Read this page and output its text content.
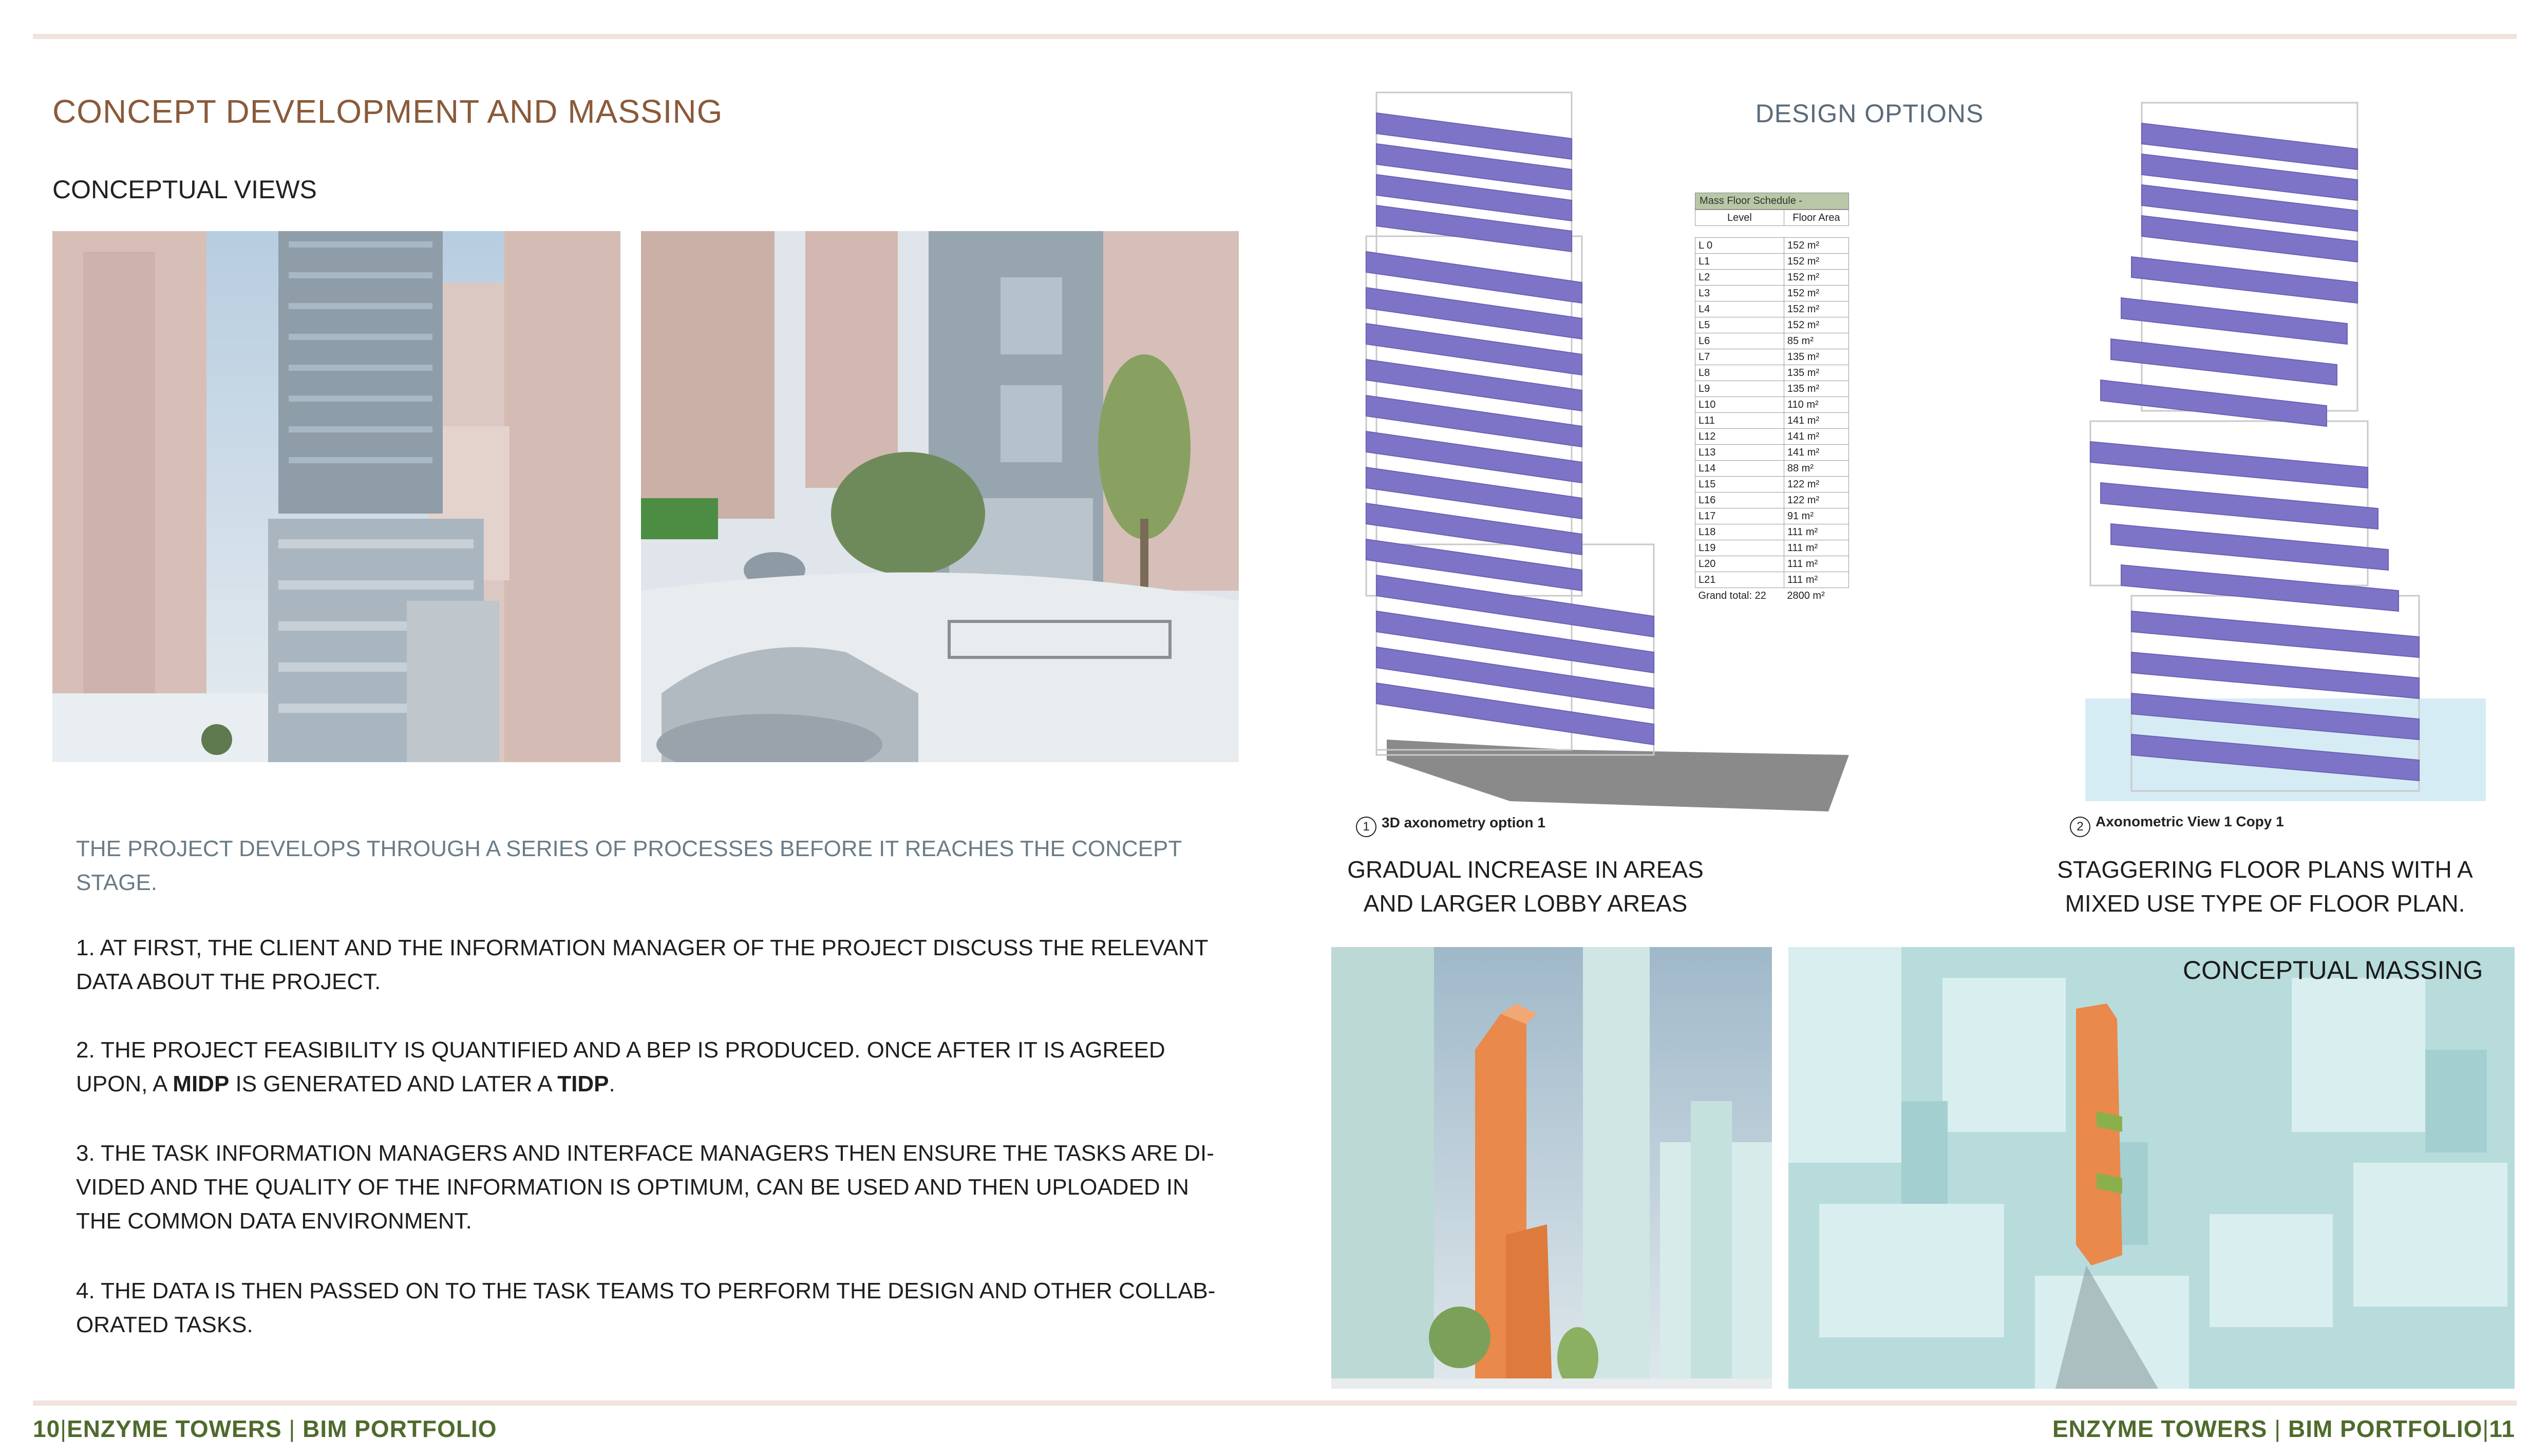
CONCEPT DEVELOPMENT AND MASSING
CONCEPTUAL VIEWS
THE PROJECT DEVELOPS THROUGH A SERIES OF PROCESSES BEFORE IT REACHES THE CONCEPT STAGE.
1. AT FIRST, THE CLIENT AND THE INFORMATION MANAGER OF THE PROJECT DISCUSS THE RELEVANT DATA ABOUT THE PROJECT.
2. THE PROJECT FEASIBILITY IS QUANTIFIED AND A BEP IS PRODUCED. ONCE AFTER IT IS AGREED UPON, A MIDP IS GENERATED AND LATER A TIDP.
3. THE TASK INFORMATION MANAGERS AND INTERFACE MANAGERS THEN ENSURE THE TASKS ARE DI-VIDED AND THE QUALITY OF THE INFORMATION IS OPTIMUM, CAN BE USED AND THEN UPLOADED IN THE COMMON DATA ENVIRONMENT.
4. THE DATA IS THEN PASSED ON TO THE TASK TEAMS TO PERFORM THE DESIGN AND OTHER COLLAB-ORATED TASKS.
DESIGN OPTIONS
1 3D axonometry option 1
Mass Floor Schedule -
Level	Floor Area

L 0	152 m²
L1	152 m²
L2	152 m²
L3	152 m²
L4	152 m²
L5	152 m²
L6	85 m²
L7	135 m²
L8	135 m²
L9	135 m²
L10	110 m²
L11	141 m²
L12	141 m²
L13	141 m²
L14	88 m²
L15	122 m²
L16	122 m²
L17	91 m²
L18	111 m²
L19	111 m²
L20	111 m²
L21	111 m²
Grand total: 22	2800 m²
2 Axonometric View 1 Copy 1
GRADUAL INCREASE IN AREAS
AND LARGER LOBBY AREAS
STAGGERING FLOOR PLANS WITH A
MIXED USE TYPE OF FLOOR PLAN.
CONCEPTUAL MASSING
10|ENZYME TOWERS | BIM PORTFOLIO	ENZYME TOWERS | BIM PORTFOLIO|11
